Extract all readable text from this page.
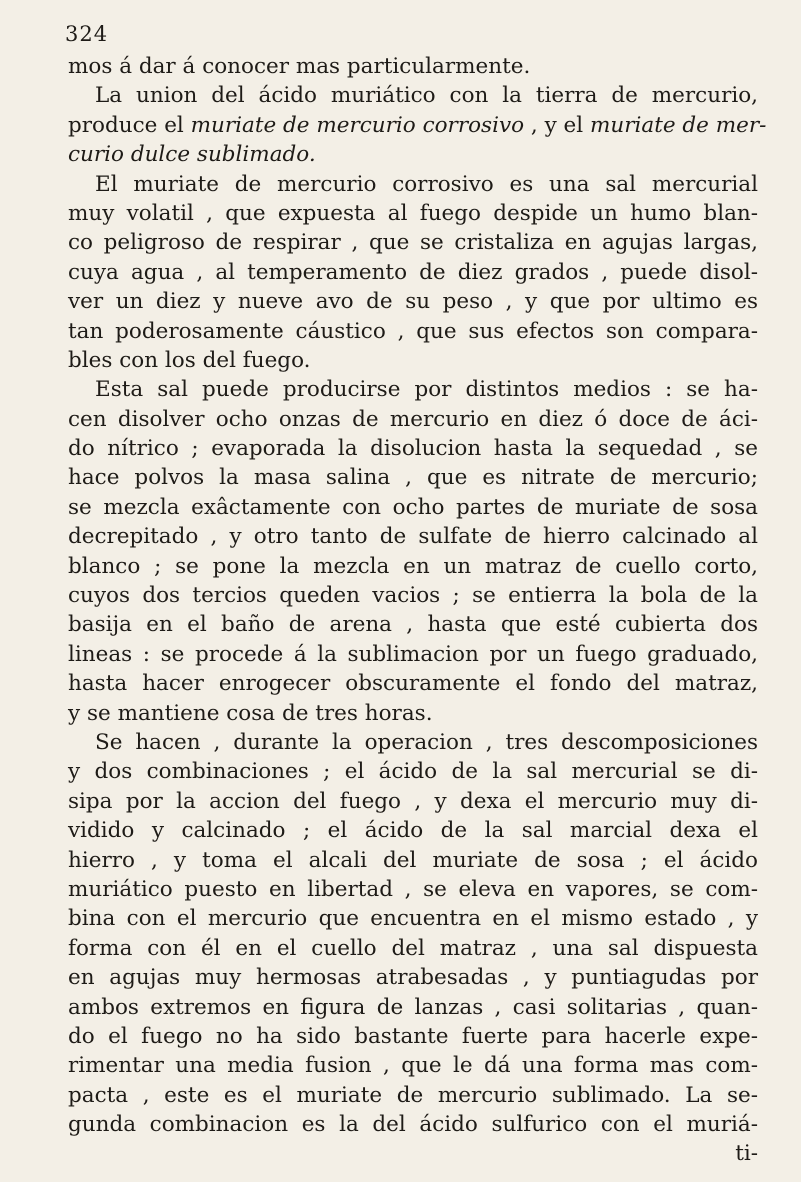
324
mos á dar á conocer mas particularmente.
La union del ácido muriático con la tierra de mercurio,
produce el muriate de mercurio corrosivo , y el muriate de mer-
curio dulce sublimado.
El muriate de mercurio corrosivo es una sal mercurial
muy volatil , que expuesta al fuego despide un humo blan-
co peligroso de respirar , que se cristaliza en agujas largas,
cuya agua , al temperamento de diez grados , puede disol-
ver un diez y nueve avo de su peso , y que por ultimo es
tan poderosamente cáustico , que sus efectos son compara-
bles con los del fuego.
Esta sal puede producirse por distintos medios : se ha-
cen disolver ocho onzas de mercurio en diez ó doce de áci-
do nítrico ; evaporada la disolucion hasta la sequedad , se
hace polvos la masa salina , que es nitrate de mercurio;
se mezcla exâctamente con ocho partes de muriate de sosa
decrepitado , y otro tanto de sulfate de hierro calcinado al
blanco ; se pone la mezcla en un matraz de cuello corto,
cuyos dos tercios queden vacios ; se entierra la bola de la
basija en el baño de arena , hasta que esté cubierta dos
lineas : se procede á la sublimacion por un fuego graduado,
hasta hacer enrogecer obscuramente el fondo del matraz,
y se mantiene cosa de tres horas.
Se hacen , durante la operacion , tres descomposiciones
y dos combinaciones ; el ácido de la sal mercurial se di-
sipa por la accion del fuego , y dexa el mercurio muy di-
vidido y calcinado ; el ácido de la sal marcial dexa el
hierro , y toma el alcali del muriate de sosa ; el ácido
muriático puesto en libertad , se eleva en vapores, se com-
bina con el mercurio que encuentra en el mismo estado , y
forma con él en el cuello del matraz , una sal dispuesta
en agujas muy hermosas atrabesadas , y puntiagudas por
ambos extremos en figura de lanzas , casi solitarias , quan-
do el fuego no ha sido bastante fuerte para hacerle expe-
rimentar una media fusion , que le dá una forma mas com-
pacta , este es el muriate de mercurio sublimado. La se-
gunda combinacion es la del ácido sulfurico con el muriá-
ti-
